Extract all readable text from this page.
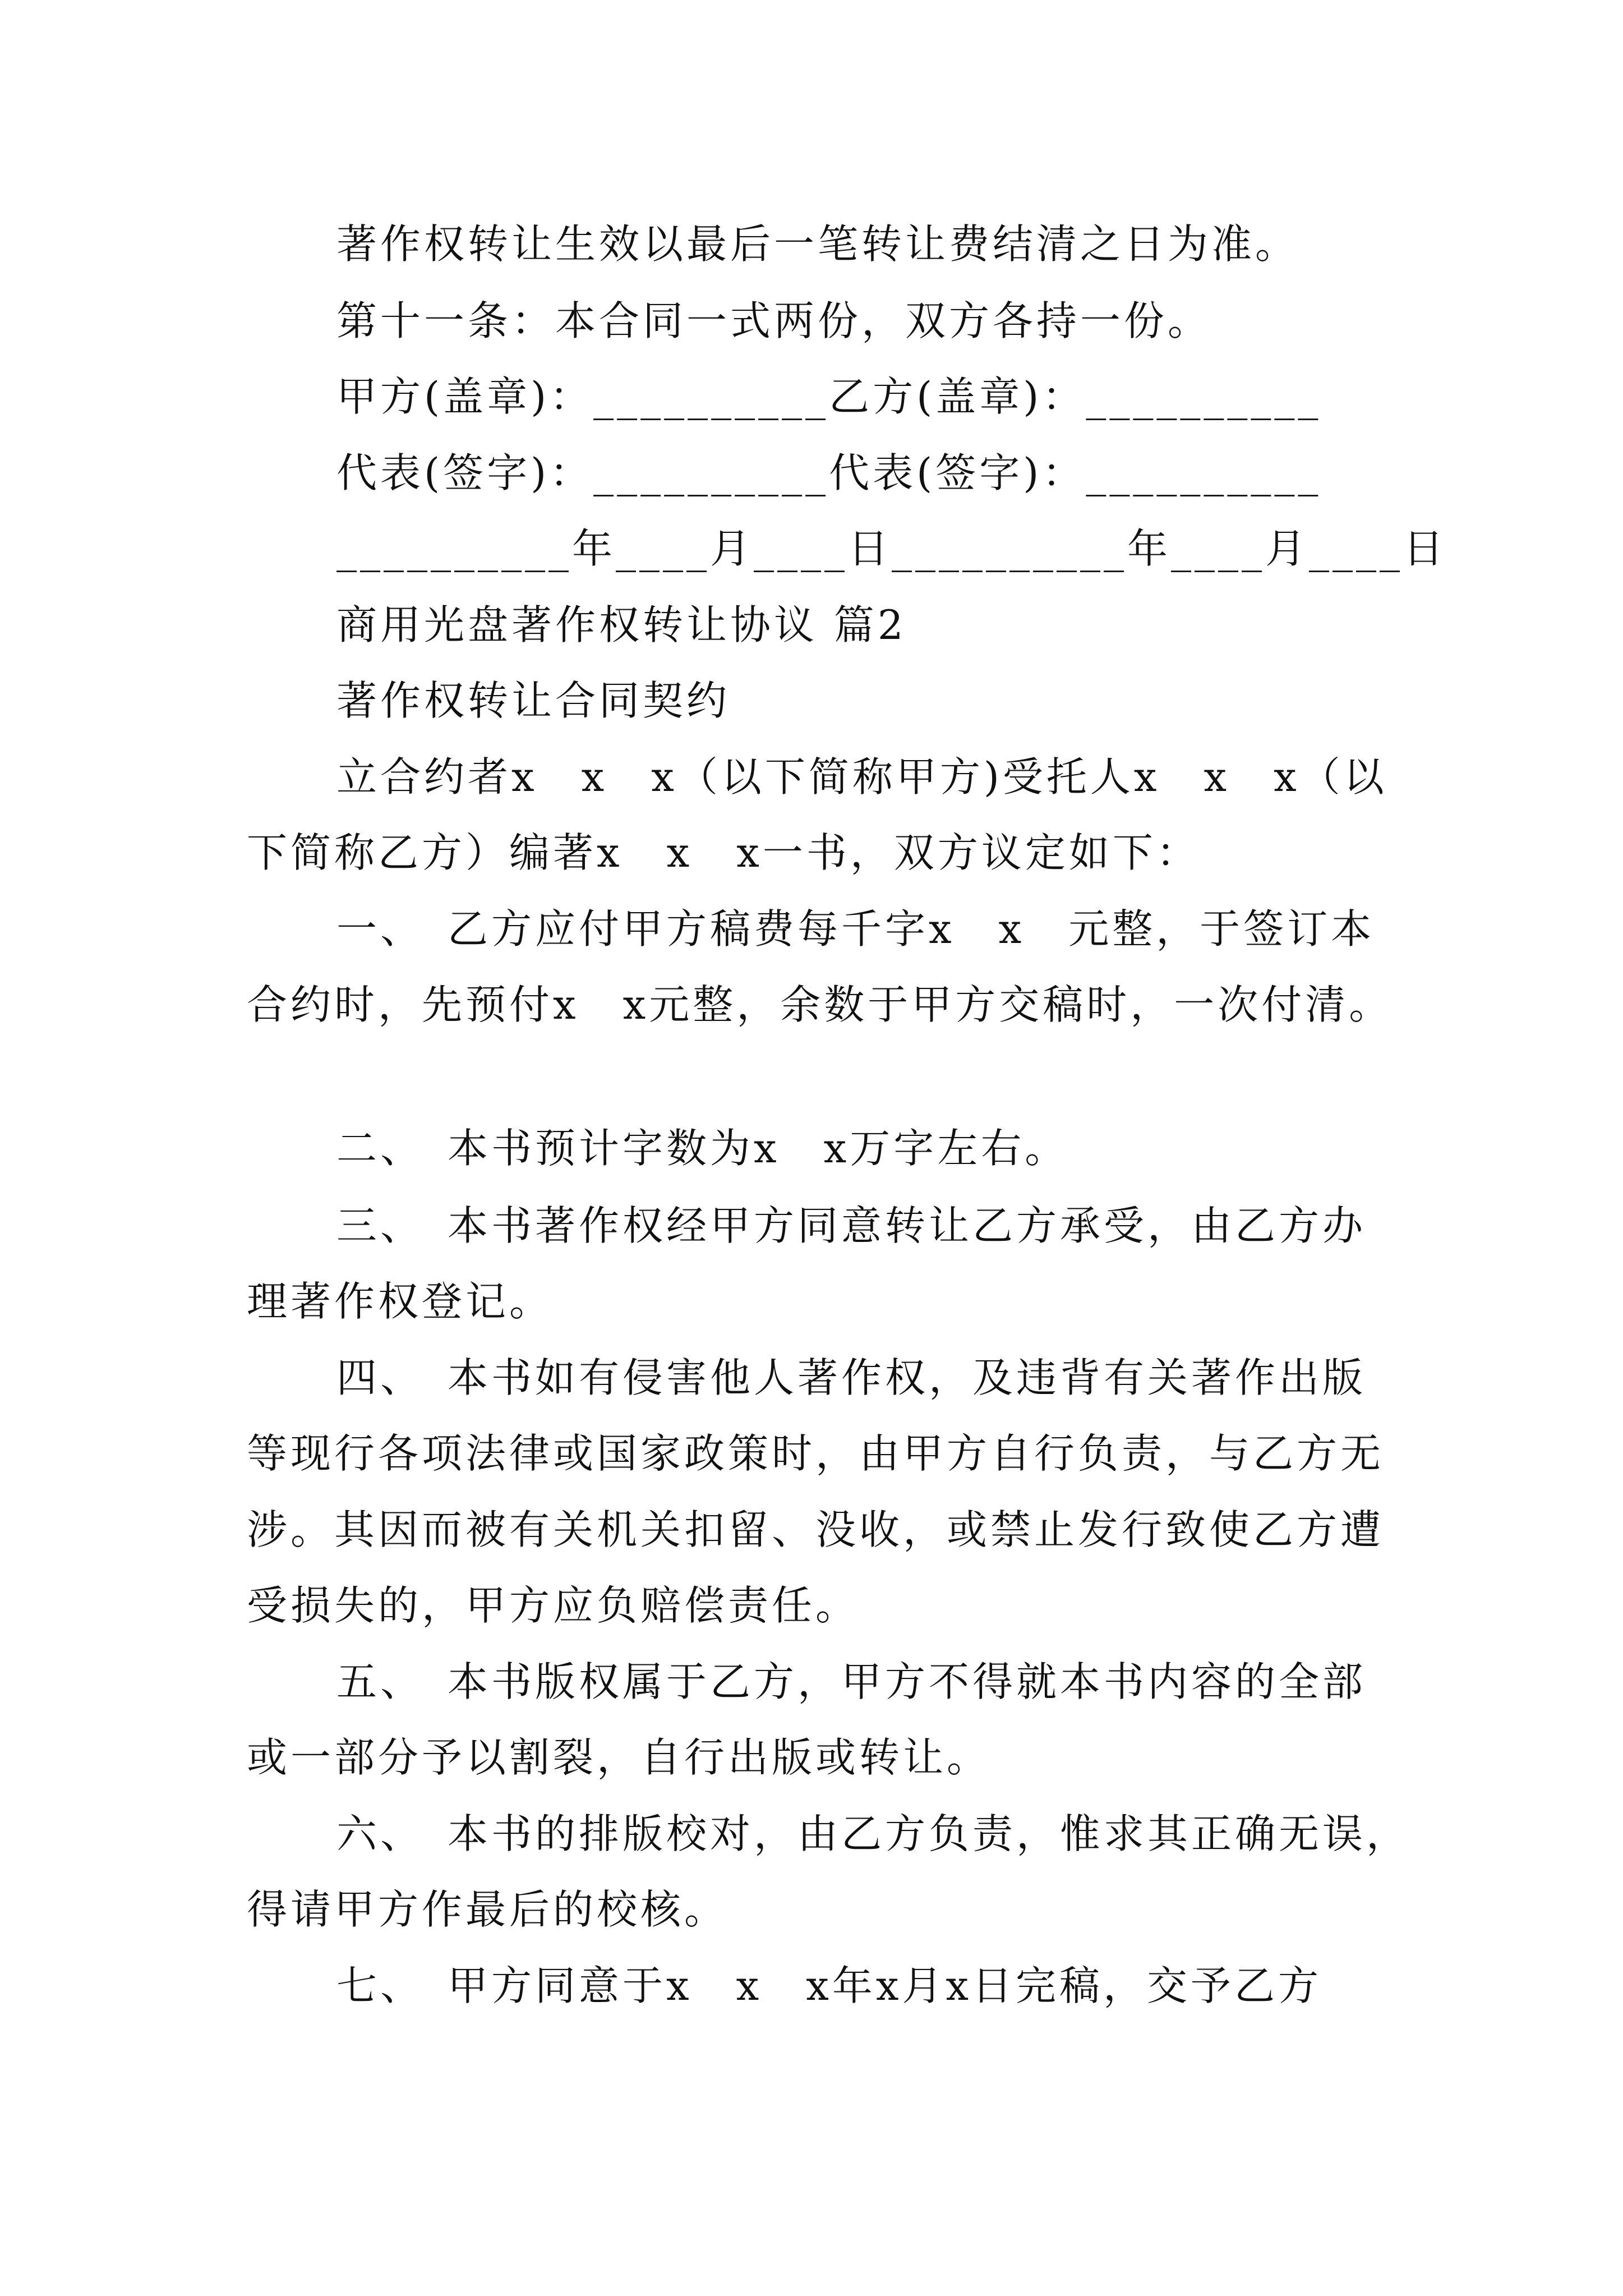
著作权转让生效以最后一笔转让费结清之日为准。
第十一条：本合同一式两份，双方各持一份。
甲方(盖章)：__________乙方(盖章)：__________
代表(签字)：__________代表(签字)：__________
__________年____月____日__________年____月____日
商用光盘著作权转让协议 篇2
著作权转让合同契约
立合约者x　x　x（以下简称甲方)受托人x　x　x（以
下简称乙方）编著x　x　x一书，双方议定如下：
一、　乙方应付甲方稿费每千字x　x　元整，于签订本
合约时，先预付x　x元整，余数于甲方交稿时，一次付清。
二、　本书预计字数为x　x万字左右。
三、　本书著作权经甲方同意转让乙方承受，由乙方办
理著作权登记。
四、　本书如有侵害他人著作权，及违背有关著作出版
等现行各项法律或国家政策时，由甲方自行负责，与乙方无
涉。其因而被有关机关扣留、没收，或禁止发行致使乙方遭
受损失的，甲方应负赔偿责任。
五、　本书版权属于乙方，甲方不得就本书内容的全部
或一部分予以割裂，自行出版或转让。
六、　本书的排版校对，由乙方负责，惟求其正确无误，
得请甲方作最后的校核。
七、　甲方同意于x　x　x年x月x日完稿，交予乙方
